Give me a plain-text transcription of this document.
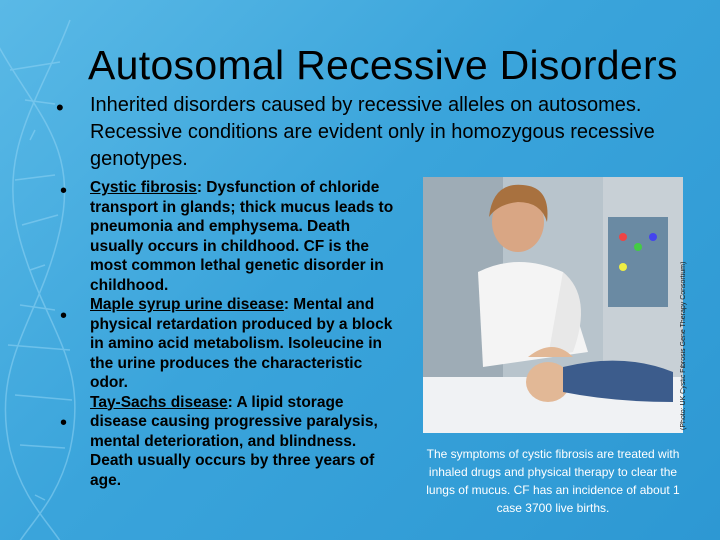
Autosomal Recessive Disorders
• Inherited disorders caused by recessive alleles on autosomes. Recessive conditions are evident only in homozygous recessive genotypes.
•
•
•

Cystic fibrosis: Dysfunction of chloride transport in glands; thick mucus leads to pneumonia and emphysema. Death usually occurs in childhood. CF is the most common lethal genetic disorder in childhood.

Maple syrup urine disease: Mental and physical retardation produced by a block in amino acid metabolism. Isoleucine in the urine produces the characteristic odor.

Tay-Sachs disease: A lipid storage disease causing progressive paralysis, mental deterioration, and blindness. Death usually occurs by three years of age.

(Photo: UK Cystic Fibrosis Gene Therapy Consortium)
The symptoms of cystic fibrosis are treated with inhaled drugs and physical therapy to clear the lungs of mucus. CF has an incidence of about 1 case 3700 live births.
